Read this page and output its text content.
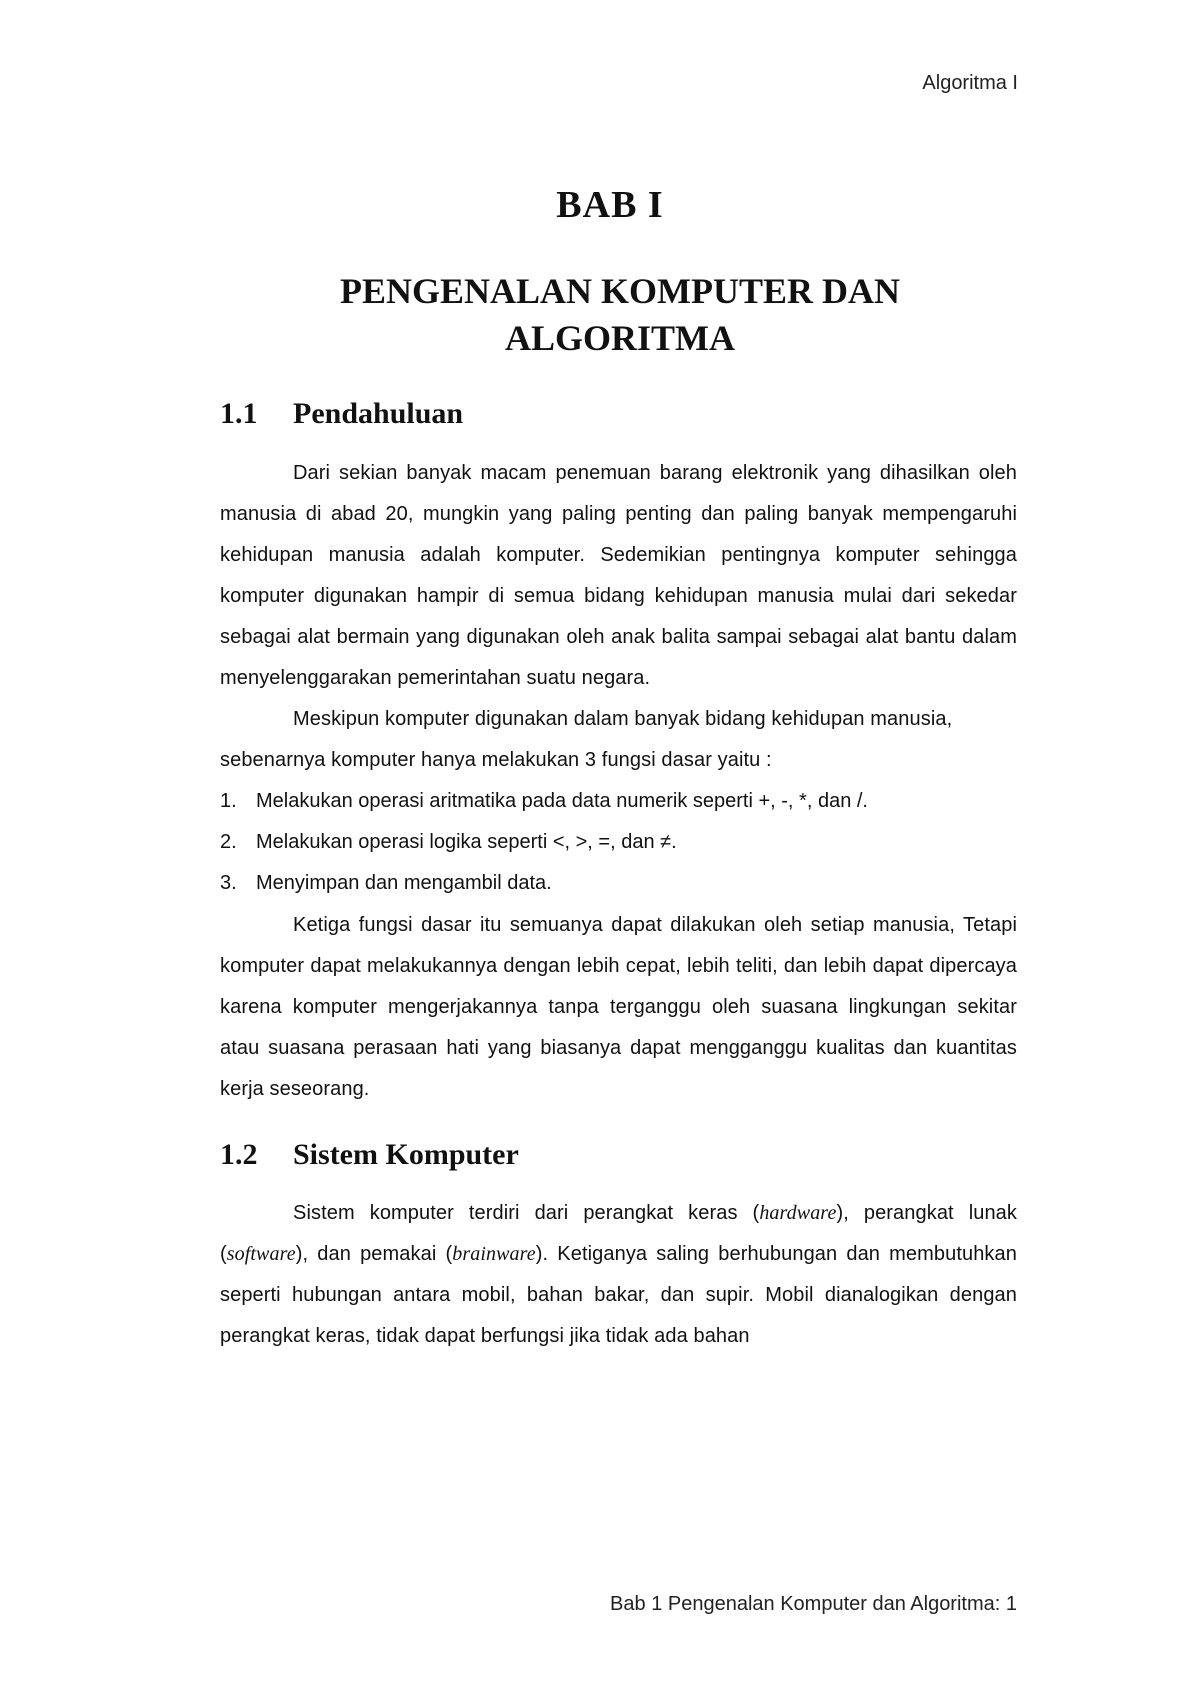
Algoritma I
BAB I
PENGENALAN KOMPUTER DAN
ALGORITMA
1.1 Pendahuluan

Dari sekian banyak macam penemuan barang elektronik yang dihasilkan oleh manusia di abad 20, mungkin yang paling penting dan paling banyak mempengaruhi kehidupan manusia adalah komputer. Sedemikian pentingnya komputer sehingga komputer digunakan hampir di semua bidang kehidupan manusia mulai dari sekedar sebagai alat bermain yang digunakan oleh anak balita sampai sebagai alat bantu dalam menyelenggarakan pemerintahan suatu negara.

Meskipun komputer digunakan dalam banyak bidang kehidupan manusia,
sebenarnya komputer hanya melakukan 3 fungsi dasar yaitu :
1. Melakukan operasi aritmatika pada data numerik seperti +, -, *, dan /.
2. Melakukan operasi logika seperti <, >, =, dan ≠.
3. Menyimpan dan mengambil data.

Ketiga fungsi dasar itu semuanya dapat dilakukan oleh setiap manusia, Tetapi komputer dapat melakukannya dengan lebih cepat, lebih teliti, dan lebih dapat dipercaya karena komputer mengerjakannya tanpa terganggu oleh suasana lingkungan sekitar atau suasana perasaan hati yang biasanya dapat mengganggu kualitas dan kuantitas kerja seseorang.

1.2 Sistem Komputer

Sistem komputer terdiri dari perangkat keras (hardware), perangkat lunak (software), dan pemakai (brainware). Ketiganya saling berhubungan dan membutuhkan seperti hubungan antara mobil, bahan bakar, dan supir. Mobil dianalogikan dengan perangkat keras, tidak dapat berfungsi jika tidak ada bahan

Bab 1 Pengenalan Komputer dan Algoritma: 1
